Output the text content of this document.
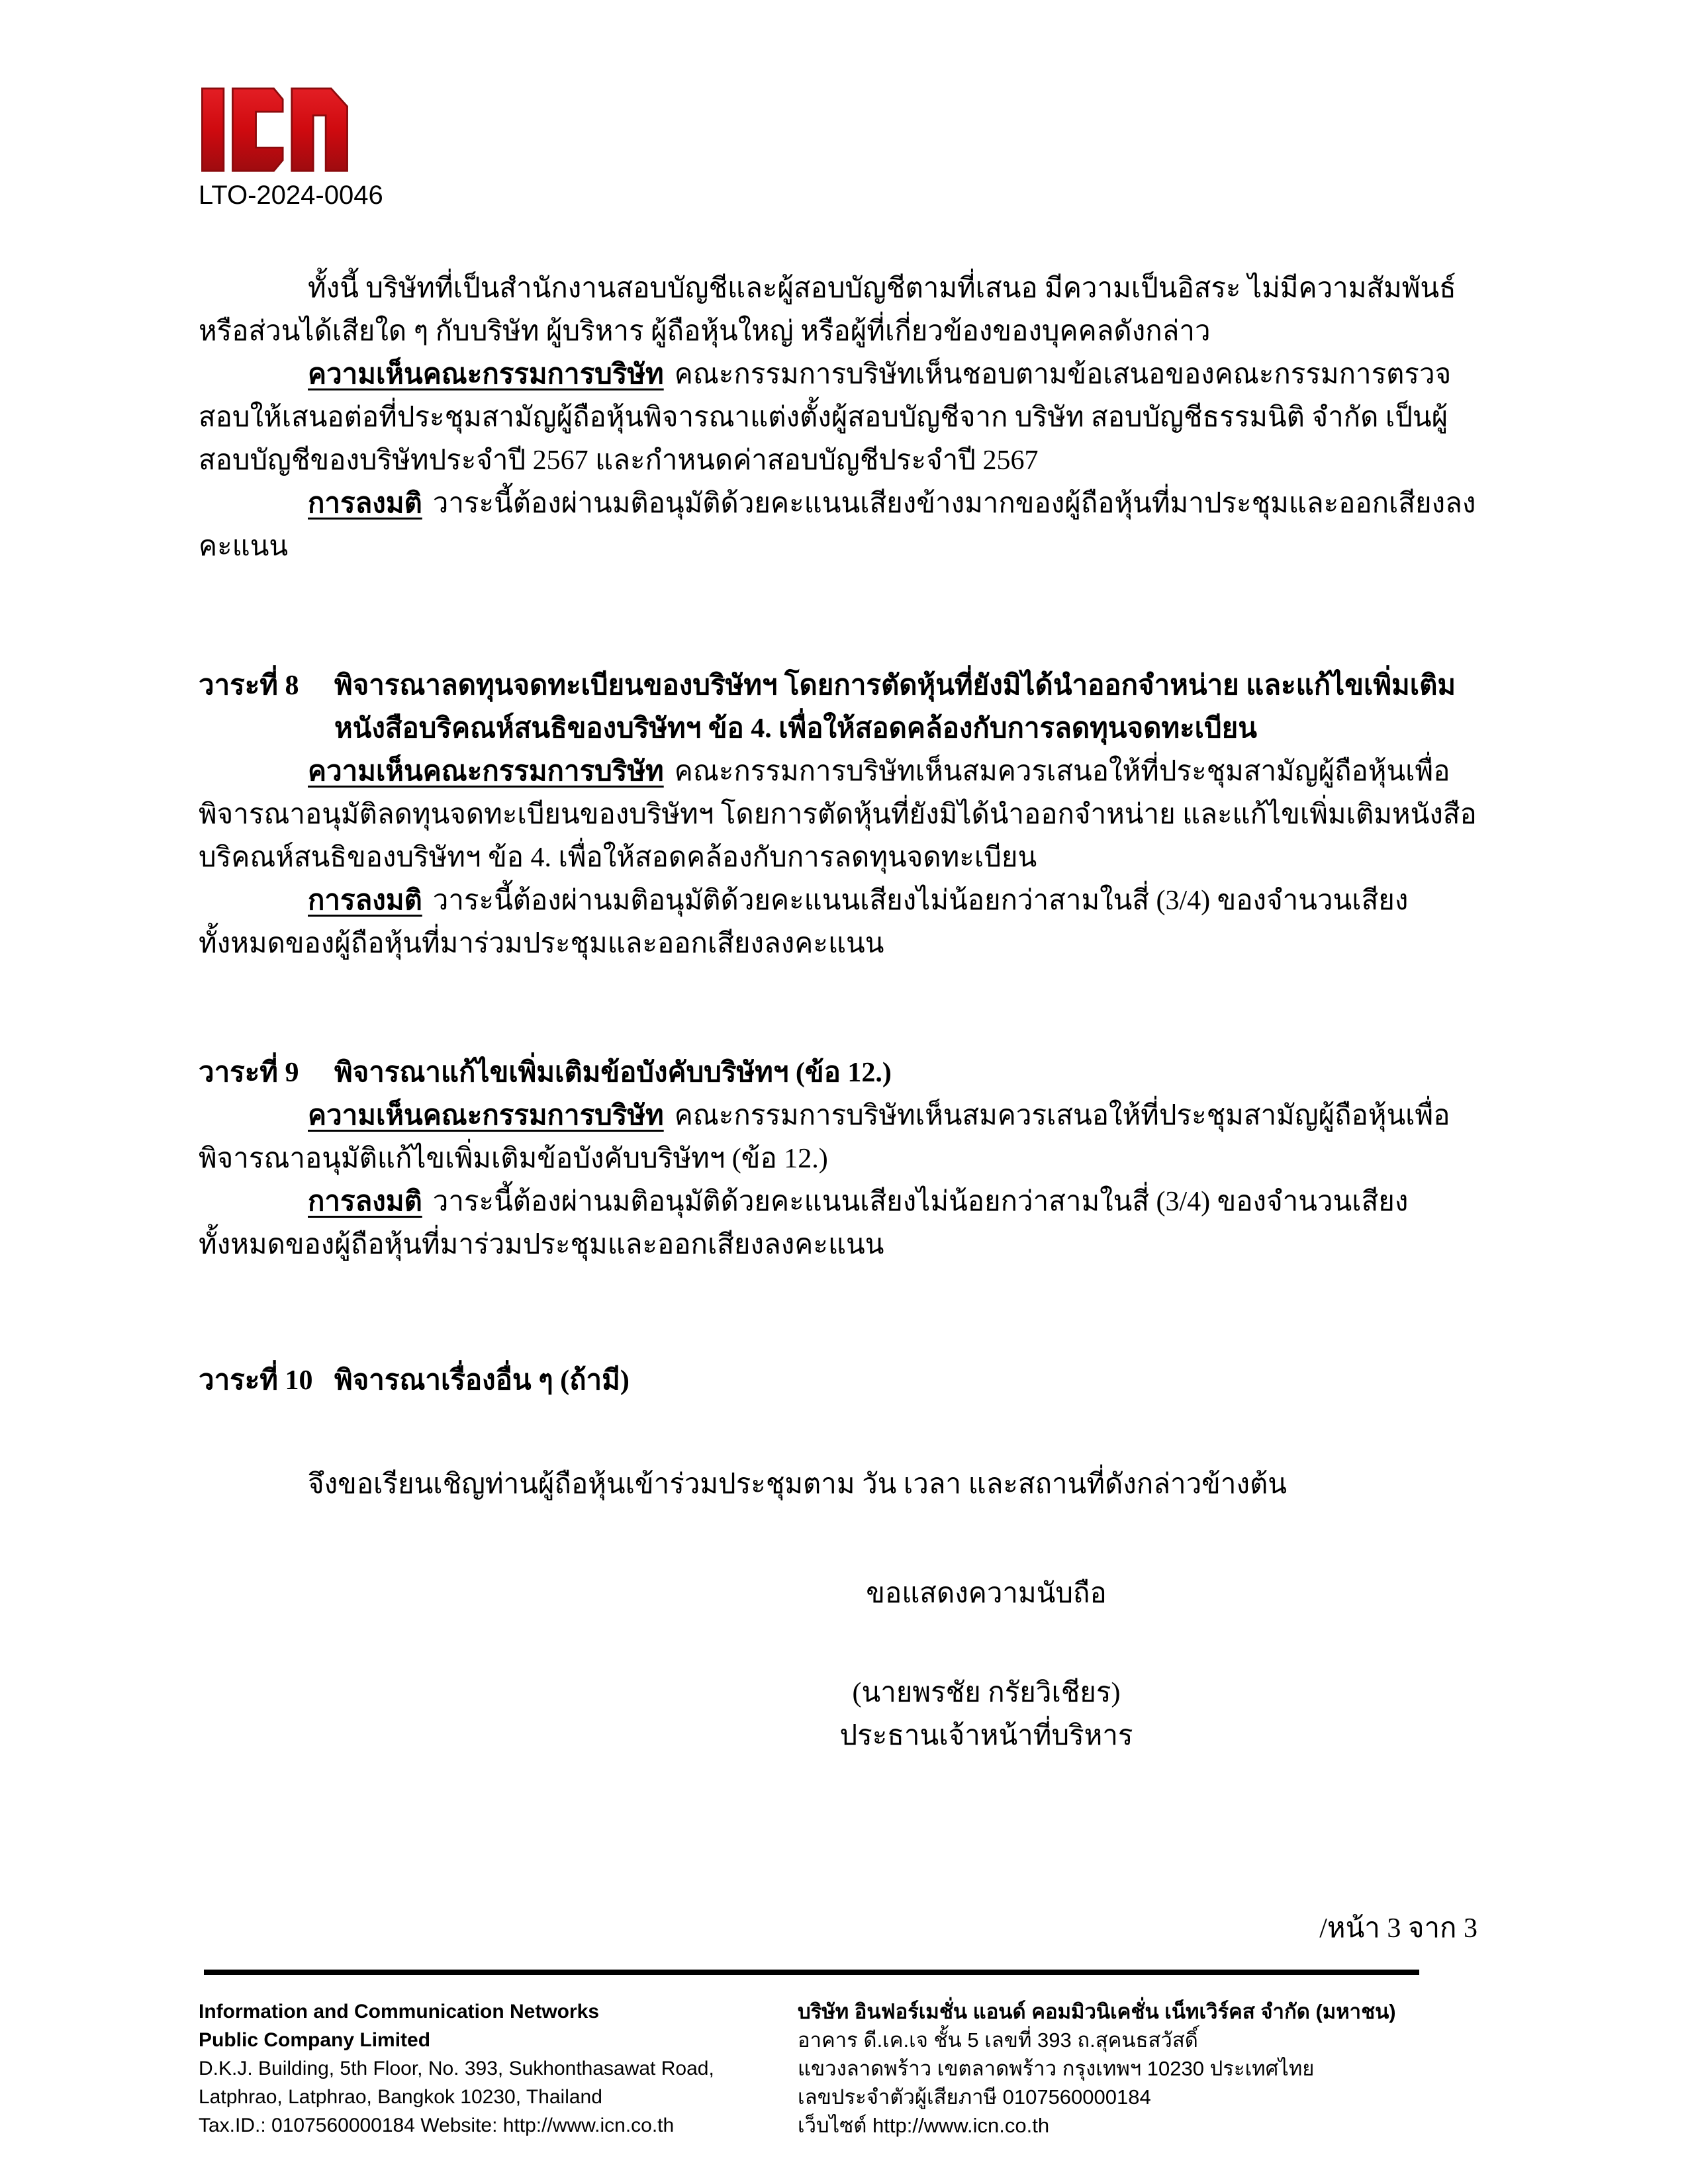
LTO-2024-0046

ทั้งนี้ บริษัทที่เป็นสำนักงานสอบบัญชีและผู้สอบบัญชีตามที่เสนอ มีความเป็นอิสระ ไม่มีความสัมพันธ์หรือส่วนได้เสียใด ๆ กับบริษัท ผู้บริหาร ผู้ถือหุ้นใหญ่ หรือผู้ที่เกี่ยวข้องของบุคคลดังกล่าว

ความเห็นคณะกรรมการบริษัท คณะกรรมการบริษัทเห็นชอบตามข้อเสนอของคณะกรรมการตรวจสอบให้เสนอต่อที่ประชุมสามัญผู้ถือหุ้นพิจารณาแต่งตั้งผู้สอบบัญชีจาก บริษัท สอบบัญชีธรรมนิติ จำกัด เป็นผู้สอบบัญชีของบริษัทประจำปี 2567 และกำหนดค่าสอบบัญชีประจำปี 2567

การลงมติ วาระนี้ต้องผ่านมติอนุมัติด้วยคะแนนเสียงข้างมากของผู้ถือหุ้นที่มาประชุมและออกเสียงลงคะแนน

วาระที่ 8	พิจารณาลดทุนจดทะเบียนของบริษัทฯ โดยการตัดหุ้นที่ยังมิได้นำออกจำหน่าย และแก้ไขเพิ่มเติมหนังสือบริคณห์สนธิของบริษัทฯ ข้อ 4. เพื่อให้สอดคล้องกับการลดทุนจดทะเบียน

ความเห็นคณะกรรมการบริษัท คณะกรรมการบริษัทเห็นสมควรเสนอให้ที่ประชุมสามัญผู้ถือหุ้นเพื่อพิจารณาอนุมัติลดทุนจดทะเบียนของบริษัทฯ โดยการตัดหุ้นที่ยังมิได้นำออกจำหน่าย และแก้ไขเพิ่มเติมหนังสือบริคณห์สนธิของบริษัทฯ ข้อ 4. เพื่อให้สอดคล้องกับการลดทุนจดทะเบียน

การลงมติ วาระนี้ต้องผ่านมติอนุมัติด้วยคะแนนเสียงไม่น้อยกว่าสามในสี่ (3/4) ของจำนวนเสียงทั้งหมดของผู้ถือหุ้นที่มาร่วมประชุมและออกเสียงลงคะแนน

วาระที่ 9	พิจารณาแก้ไขเพิ่มเติมข้อบังคับบริษัทฯ (ข้อ 12.)

ความเห็นคณะกรรมการบริษัท คณะกรรมการบริษัทเห็นสมควรเสนอให้ที่ประชุมสามัญผู้ถือหุ้นเพื่อพิจารณาอนุมัติแก้ไขเพิ่มเติมข้อบังคับบริษัทฯ (ข้อ 12.)

การลงมติ วาระนี้ต้องผ่านมติอนุมัติด้วยคะแนนเสียงไม่น้อยกว่าสามในสี่ (3/4) ของจำนวนเสียงทั้งหมดของผู้ถือหุ้นที่มาร่วมประชุมและออกเสียงลงคะแนน

วาระที่ 10 พิจารณาเรื่องอื่น ๆ (ถ้ามี)

จึงขอเรียนเชิญท่านผู้ถือหุ้นเข้าร่วมประชุมตาม วัน เวลา และสถานที่ดังกล่าวข้างต้น

ขอแสดงความนับถือ

(นายพรชัย กรัยวิเชียร)

ประธานเจ้าหน้าที่บริหาร

/หน้า 3 จาก 3

Information and Communication Networks

Public Company Limited

D.K.J. Building, 5th Floor, No. 393, Sukhonthasawat Road,

Latphrao, Latphrao, Bangkok 10230, Thailand

Tax.ID.: 0107560000184 Website: http://www.icn.co.th

บริษัท อินฟอร์เมชั่น แอนด์ คอมมิวนิเคชั่น เน็ทเวิร์คส จำกัด (มหาชน)

อาคาร ดี.เค.เจ ชั้น 5 เลขที่ 393 ถ.สุคนธสวัสดิ์

แขวงลาดพร้าว เขตลาดพร้าว กรุงเทพฯ 10230 ประเทศไทย

เลขประจำตัวผู้เสียภาษี 0107560000184

เว็บไซต์ http://www.icn.co.th
